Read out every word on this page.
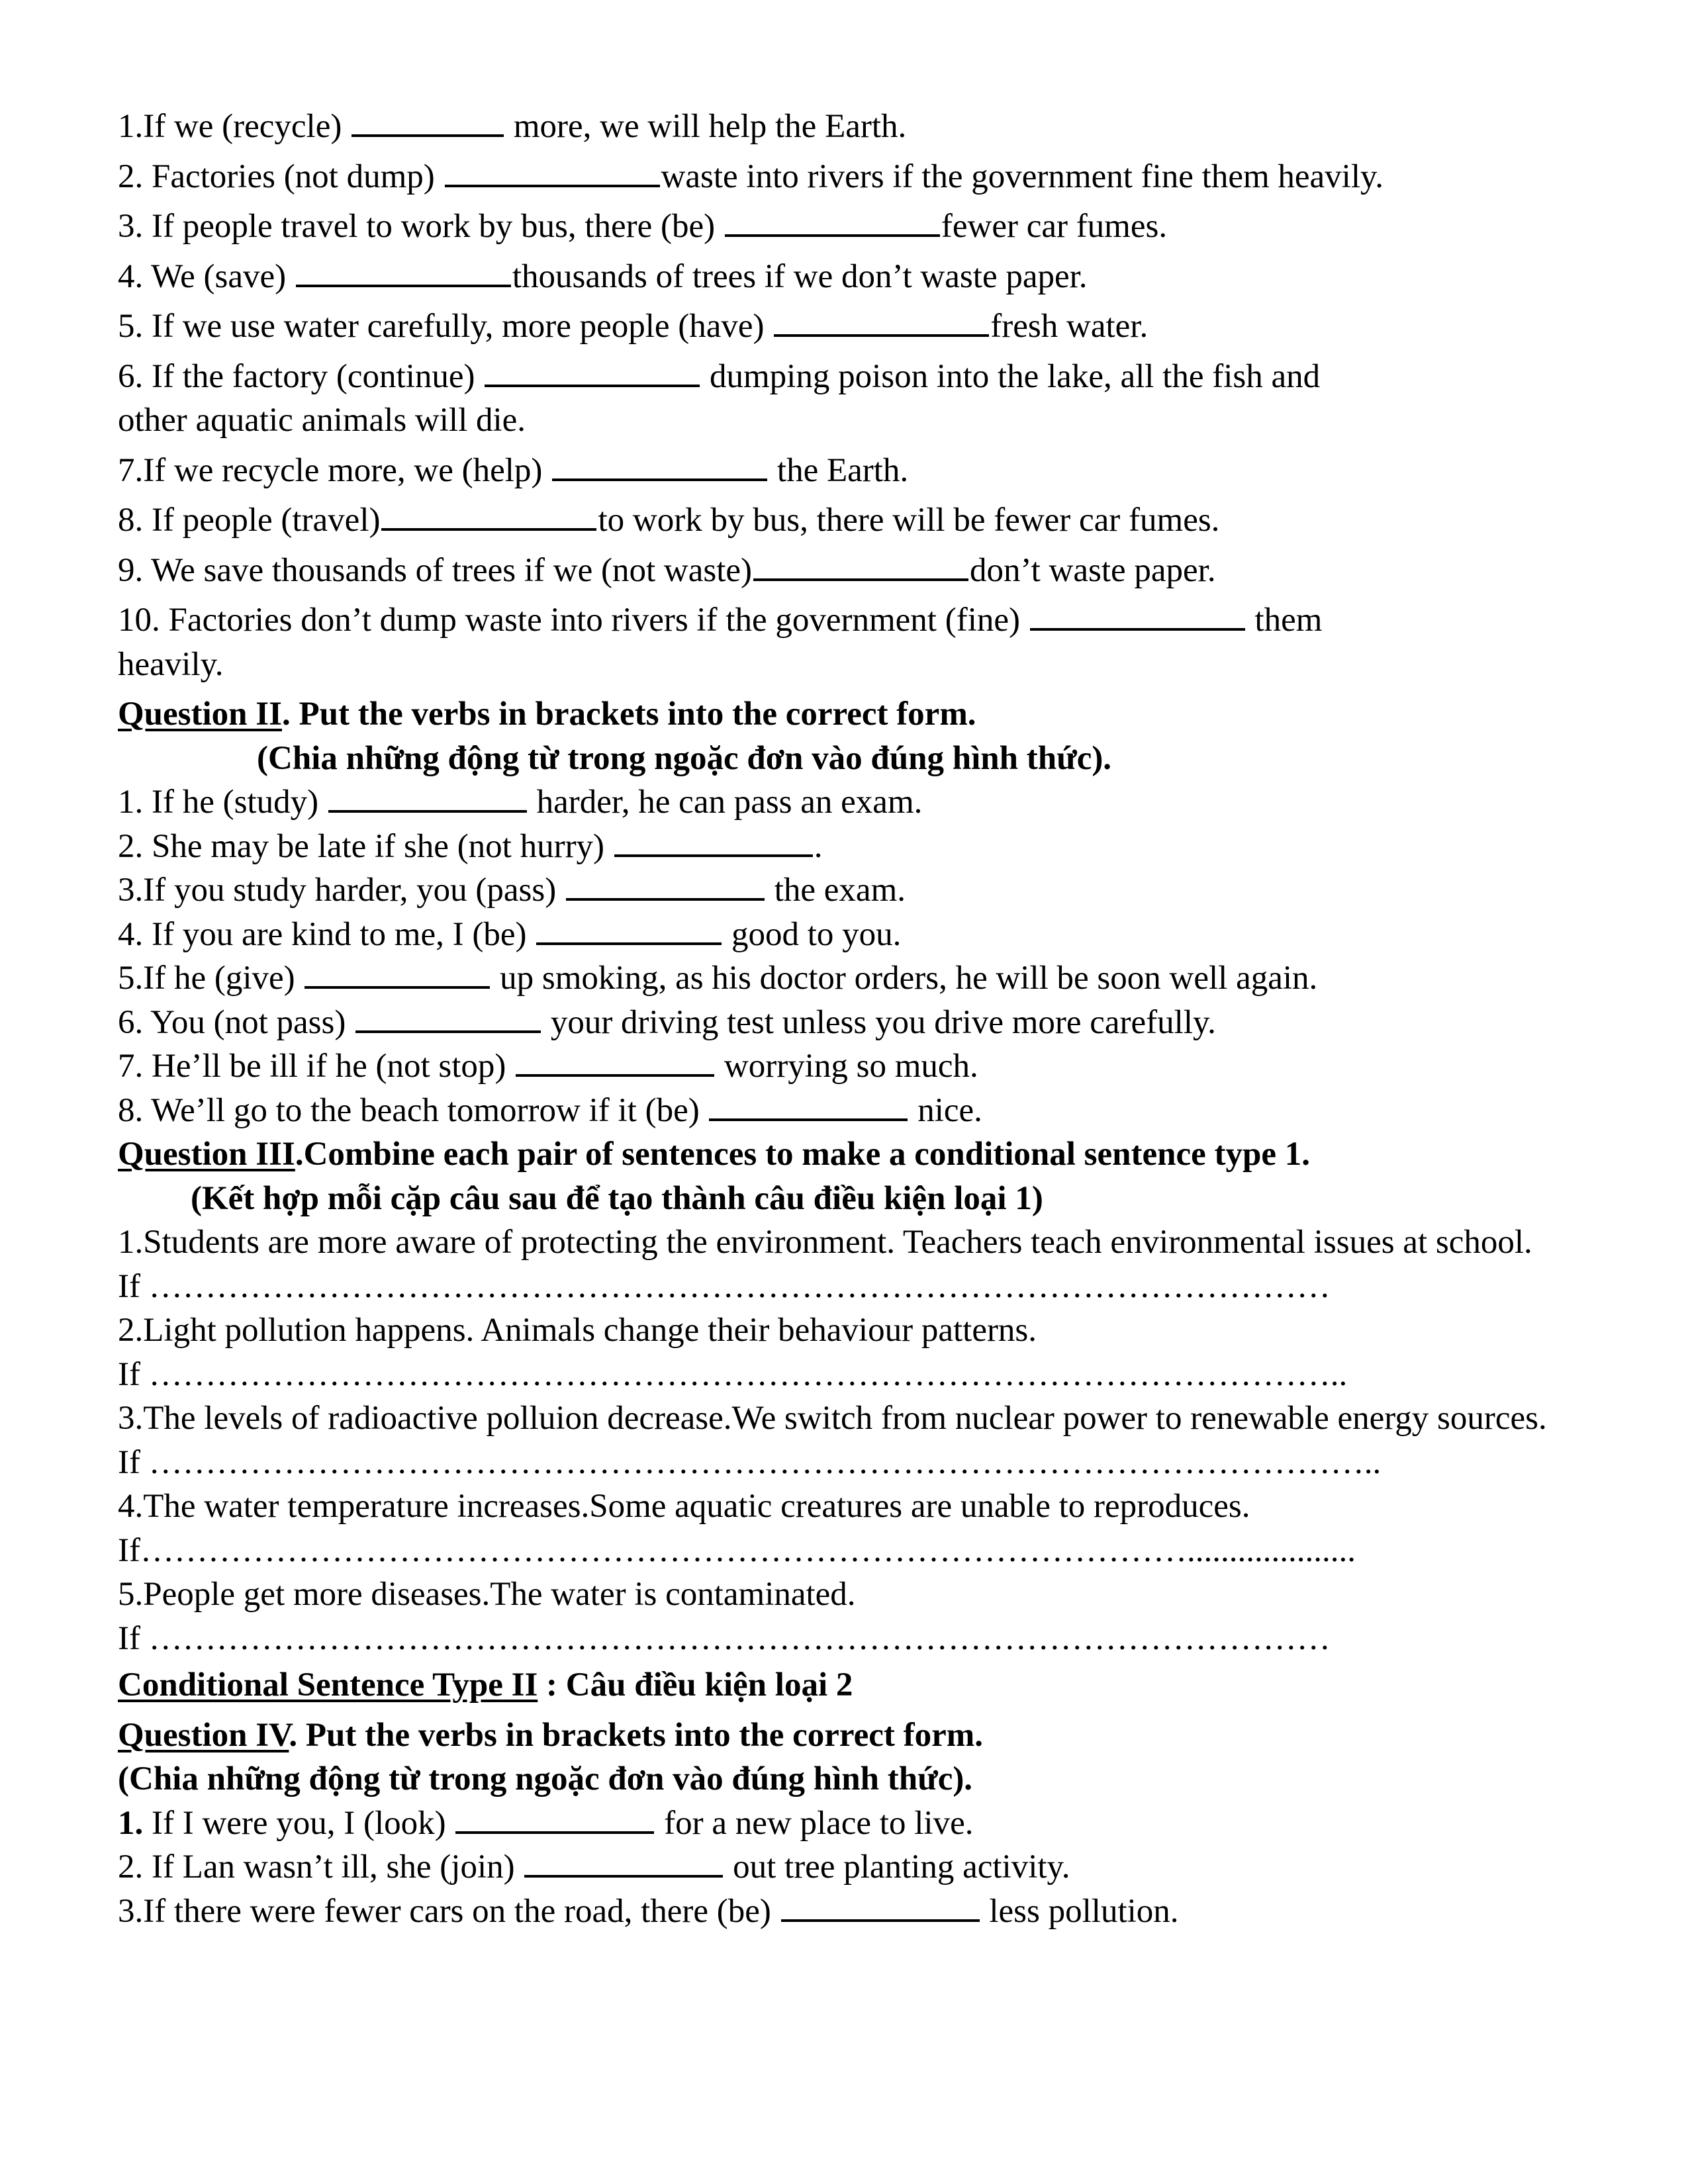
1.If we (recycle)	more, we will help the Earth.
2. Factories (not dump)	waste into rivers if the government fine them heavily.
3. If people travel to work by bus, there (be)	fewer car fumes.
4. We (save)	thousands of trees if we don’t waste paper.
5. If we use water carefully, more people (have)	fresh water.
6. If the factory (continue)	dumping poison into the lake, all the fish and
other aquatic animals will die.
7.If we recycle more, we (help)	the Earth.
8. If people (travel)	to work by bus, there will be fewer car fumes.
9. We save thousands of trees if we (not waste)	don’t waste paper.
10. Factories don’t dump waste into rivers if the government (fine)	them
heavily.
Question II. Put the verbs in brackets into the correct form.
(Chia những động từ trong ngoặc đơn vào đúng hình thức).
1. If he (study)	harder, he can pass an exam.
2. She may be late if she (not hurry)	.
3.If you study harder, you (pass)	the exam.
4. If you are kind to me, I (be)	good to you.
5.If he (give)	up smoking, as his doctor orders, he will be soon well again.
6. You (not pass)	your driving test unless you drive more carefully.
7. He’ll be ill if he (not stop)	worrying so much.
8. We’ll go to the beach tomorrow if it (be)	nice.
Question III.Combine each pair of sentences to make a conditional sentence type 1.
(Kết hợp mỗi cặp câu sau để tạo thành câu điều kiện loại 1)
1.Students are more aware of protecting the environment. Teachers teach environmental issues at school.
If ……………………………………………………………………………………………
2.Light pollution happens. Animals change their behaviour patterns.
If ……………………………………………………………………………………………..
3.The levels of radioactive polluion decrease.We switch from nuclear power to renewable energy sources.
If ………………………………………………………………………………………………..
4.The water temperature increases.Some aquatic creatures are unable to reproduces.
If…………………………………………………………………………………....................
5.People get more diseases.The water is contaminated.
If ……………………………………………………………………………………………
Conditional Sentence Type II : Câu điều kiện loại 2
Question IV. Put the verbs in brackets into the correct form.
(Chia những động từ trong ngoặc đơn vào đúng hình thức).
1. If I were you, I (look)	for a new place to live.
2. If Lan wasn’t ill, she (join)	out tree planting activity.
3.If there were fewer cars on the road, there (be)	less pollution.
